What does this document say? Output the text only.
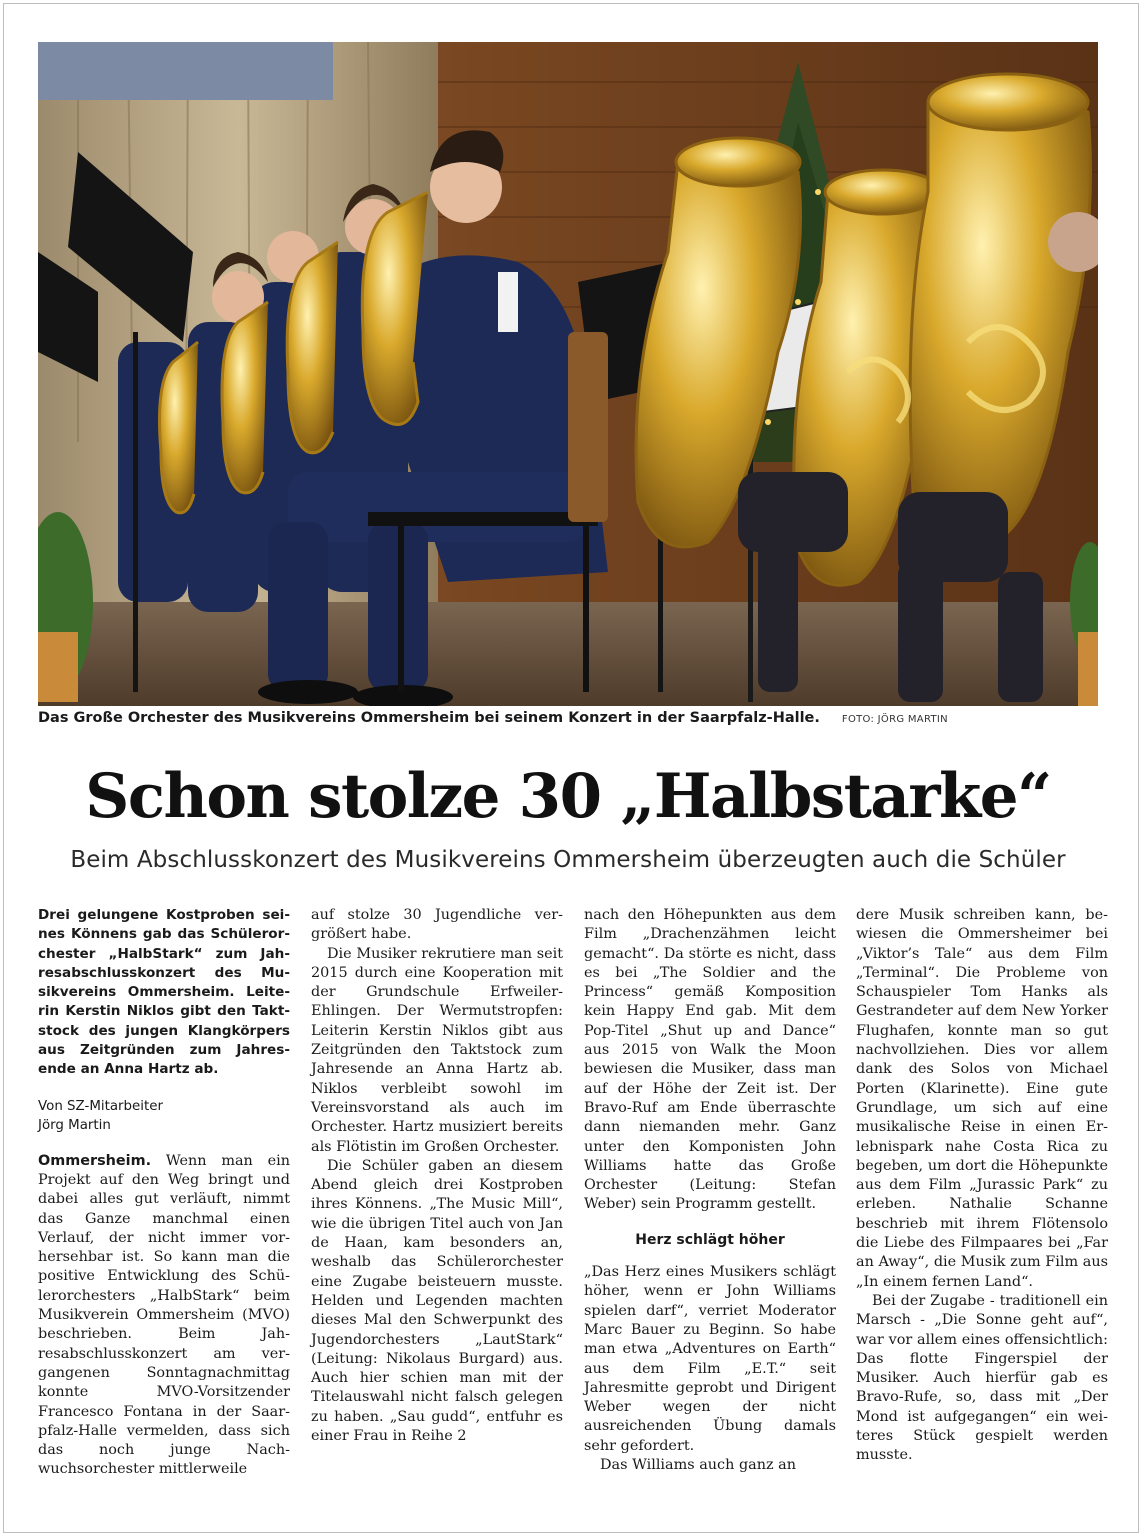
Das Große Orchester des Musikvereins Ommersheim bei seinem Konzert in der Saarpfalz-Halle. FOTO: JÖRG MARTIN
Schon stolze 30 „Halbstarke“
Beim Abschlusskonzert des Musikvereins Ommersheim überzeugten auch die Schüler

Drei gelungene Kostproben seines Könnens gab das Schülerorchester „HalbStark“ zum Jahresabschlusskonzert des Musikvereins Ommersheim. Leiterin Kerstin Niklos gibt den Taktstock des jungen Klangkörpers aus Zeitgründen zum Jahresende an Anna Hartz ab.

Von SZ-Mitarbeiter
Jörg Martin

Ommersheim. Wenn man ein Projekt auf den Weg bringt und dabei alles gut verläuft, nimmt das Ganze manchmal einen Verlauf, der nicht immer vorhersehbar ist. So kann man die positive Entwicklung des Schülerorchesters „HalbStark“ beim Musikverein Ommersheim (MVO) beschrieben. Beim Jahresabschlusskonzert am vergangenen Sonntagnachmittag konnte MVO-Vorsitzender Francesco Fontana in der Saarpfalz-Halle vermelden, dass sich das noch junge Nachwuchsorchester mittlerweile

auf stolze 30 Jugendliche vergrößert habe.

Die Musiker rekrutiere man seit 2015 durch eine Kooperation mit der Grundschule Erfweiler-Ehlingen. Der Wermutstropfen: Leiterin Kerstin Niklos gibt aus Zeitgründen den Taktstock zum Jahresende an Anna Hartz ab. Niklos verbleibt sowohl im Vereinsvorstand als auch im Orchester. Hartz musiziert bereits als Flötistin im Großen Orchester.

Die Schüler gaben an diesem Abend gleich drei Kostproben ihres Könnens. „The Music Mill“, wie die übrigen Titel auch von Jan de Haan, kam besonders an, weshalb das Schülerorchester eine Zugabe beisteuern musste. Helden und Legenden machten dieses Mal den Schwerpunkt des Jugendorchesters „LautStark“ (Leitung: Nikolaus Burgard) aus. Auch hier schien man mit der Titelauswahl nicht falsch gelegen zu haben. „Sau gudd“, entfuhr es einer Frau in Reihe 2

nach den Höhepunkten aus dem Film „Drachenzähmen leicht gemacht“. Da störte es nicht, dass es bei „The Soldier and the Princess“ gemäß Komposition kein Happy End gab. Mit dem Pop-Titel „Shut up and Dance“ aus 2015 von Walk the Moon bewiesen die Musiker, dass man auf der Höhe der Zeit ist. Der Bravo-Ruf am Ende überraschte dann niemanden mehr. Ganz unter den Komponisten John Williams hatte das Große Orchester (Leitung: Stefan Weber) sein Programm gestellt.

Herz schlägt höher

„Das Herz eines Musikers schlägt höher, wenn er John Williams spielen darf“, verriet Moderator Marc Bauer zu Beginn. So habe man etwa „Adventures on Earth“ aus dem Film „E.T.“ seit Jahresmitte geprobt und Dirigent Weber wegen der nicht ausreichenden Übung damals sehr gefordert.

Das Williams auch ganz an

dere Musik schreiben kann, bewiesen die Ommersheimer bei „Viktor’s Tale“ aus dem Film „Terminal“. Die Probleme von Schauspieler Tom Hanks als Gestrandeter auf dem New Yorker Flughafen, konnte man so gut nachvollziehen. Dies vor allem dank des Solos von Michael Porten (Klarinette). Eine gute Grundlage, um sich auf eine musikalische Reise in einen Erlebnispark nahe Costa Rica zu begeben, um dort die Höhepunkte aus dem Film „Jurassic Park“ zu erleben. Nathalie Schanne beschrieb mit ihrem Flötensolo die Liebe des Filmpaares bei „Far an Away“, die Musik zum Film aus „In einem fernen Land“.

Bei der Zugabe - traditionell ein Marsch - „Die Sonne geht auf“, war vor allem eines offensichtlich: Das flotte Fingerspiel der Musiker. Auch hierfür gab es Bravo-Rufe, so, dass mit „Der Mond ist aufgegangen“ ein weiteres Stück gespielt werden musste.
